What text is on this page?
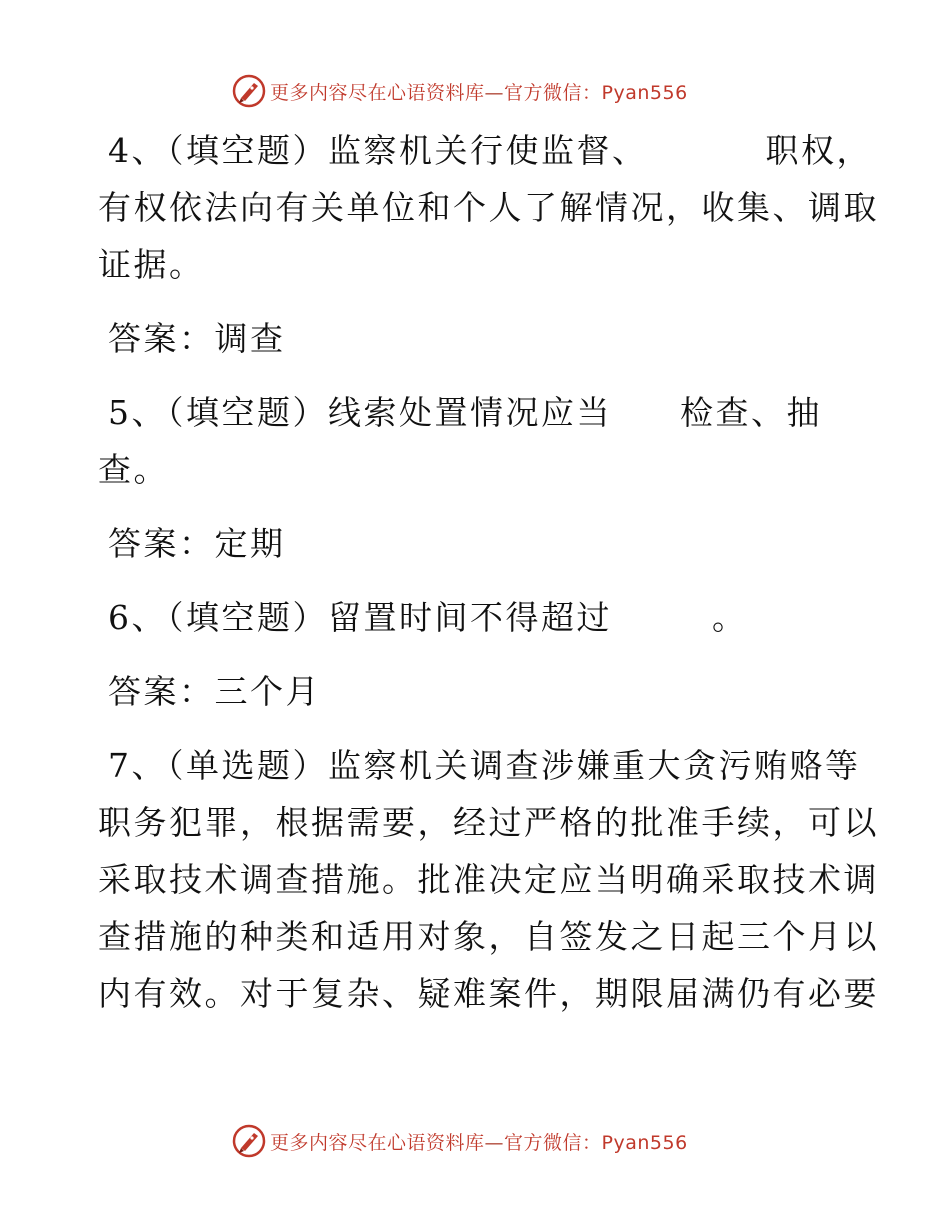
更多内容尽在心语资料库—官方微信：Pyan556
4、（填空题）监察机关行使监督、	职权，
有权依法向有关单位和个人了解情况，收集、调取
证据。
答案：调查
5、（填空题）线索处置情况应当 检查、抽
查。
答案：定期
6、（填空题）留置时间不得超过	。
答案：三个月
7、（单选题）监察机关调查涉嫌重大贪污贿赂等
职务犯罪，根据需要，经过严格的批准手续，可以
采取技术调查措施。批准决定应当明确采取技术调
查措施的种类和适用对象，自签发之日起三个月以
内有效。对于复杂、疑难案件，期限届满仍有必要
更多内容尽在心语资料库—官方微信：Pyan556
